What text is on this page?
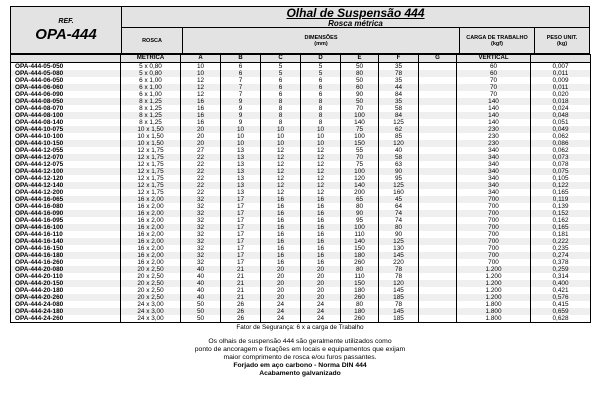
REF.
OPA-444
Olhal de Suspensão 444
Rosca métrica
ROSCA	DIMENSÕES
(mm)
CARGA DE TRABALHO
(kgf)
PESO UNIT.
(kg)
	MÉTRICA	A	B	C	D	E	F	G	VERTICAL	
OPA-444-05-050	5 x 0,80	10	6	5	5	50	35		60	0,007
OPA-444-05-080	5 x 0,80	10	6	5	5	80	78		60	0,011
OPA-444-06-050	6 x 1,00	12	7	6	6	50	35		70	0,009
OPA-444-06-060	6 x 1,00	12	7	6	6	60	44		70	0,011
OPA-444-06-090	6 x 1,00	12	7	6	6	90	84		70	0,020
OPA-444-08-050	8 x 1,25	16	9	8	8	50	35		140	0,018
OPA-444-08-070	8 x 1,25	16	9	8	8	70	58		140	0,024
OPA-444-08-100	8 x 1,25	16	9	8	8	100	84		140	0,048
OPA-444-08-140	8 x 1,25	16	9	8	8	140	125		140	0,051
OPA-444-10-075	10 x 1,50	20	10	10	10	75	62		230	0,049
OPA-444-10-100	10 x 1,50	20	10	10	10	100	85		230	0,062
OPA-444-10-150	10 x 1,50	20	10	10	10	150	120		230	0,086
OPA-444-12-055	12 x 1,75	27	13	12	12	55	40		340	0,062
OPA-444-12-070	12 x 1,75	22	13	12	12	70	58		340	0,073
OPA-444-12-075	12 x 1,75	22	13	12	12	75	63		340	0,078
OPA-444-12-100	12 x 1,75	22	13	12	12	100	90		340	0,075
OPA-444-12-120	12 x 1,75	22	13	12	12	120	95		340	0,105
OPA-444-12-140	12 x 1,75	22	13	12	12	140	125		340	0,122
OPA-444-12-200	12 x 1,75	22	13	12	12	200	160		340	0,165
OPA-444-16-065	16 x 2,00	32	17	16	16	65	45		700	0,119
OPA-444-16-080	16 x 2,00	32	17	16	16	80	64		700	0,139
OPA-444-16-090	16 x 2,00	32	17	16	16	90	74		700	0,152
OPA-444-16-095	16 x 2,00	32	17	16	16	95	74		700	0,162
OPA-444-16-100	16 x 2,00	32	17	16	16	100	80		700	0,165
OPA-444-16-110	16 x 2,00	32	17	16	16	110	90		700	0,181
OPA-444-16-140	16 x 2,00	32	17	16	16	140	125		700	0,222
OPA-444-16-150	16 x 2,00	32	17	16	16	150	130		700	0,235
OPA-444-16-180	16 x 2,00	32	17	16	16	180	145		700	0,274
OPA-444-16-260	16 x 2,00	32	17	16	16	260	220		700	0,378
OPA-444-20-080	20 x 2,50	40	21	20	20	80	78		1.200	0,259
OPA-444-20-110	20 x 2,50	40	21	20	20	110	78		1.200	0,314
OPA-444-20-150	20 x 2,50	40	21	20	20	150	120		1.200	0,400
OPA-444-20-180	20 x 2,50	40	21	20	20	180	145		1.200	0,421
OPA-444-20-260	20 x 2,50	40	21	20	20	260	185		1.200	0,576
OPA-444-24-080	24 x 3,00	50	26	24	24	80	78		1.800	0,415
OPA-444-24-180	24 x 3,00	50	26	24	24	180	145		1.800	0,659
OPA-444-24-260	24 x 3,00	50	26	24	24	260	185		1.800	0,628
Fator de Segurança: 6 x a carga de Trabalho
Os olhais de suspensão 444 são geralmente utilizados como
ponto de ancoragem e fixações em locais e equipamentos que exijam
maior comprimento de rosca e/ou furos passantes.
Forjado em aço carbono - Norma DIN 444
Acabamento galvanizado
